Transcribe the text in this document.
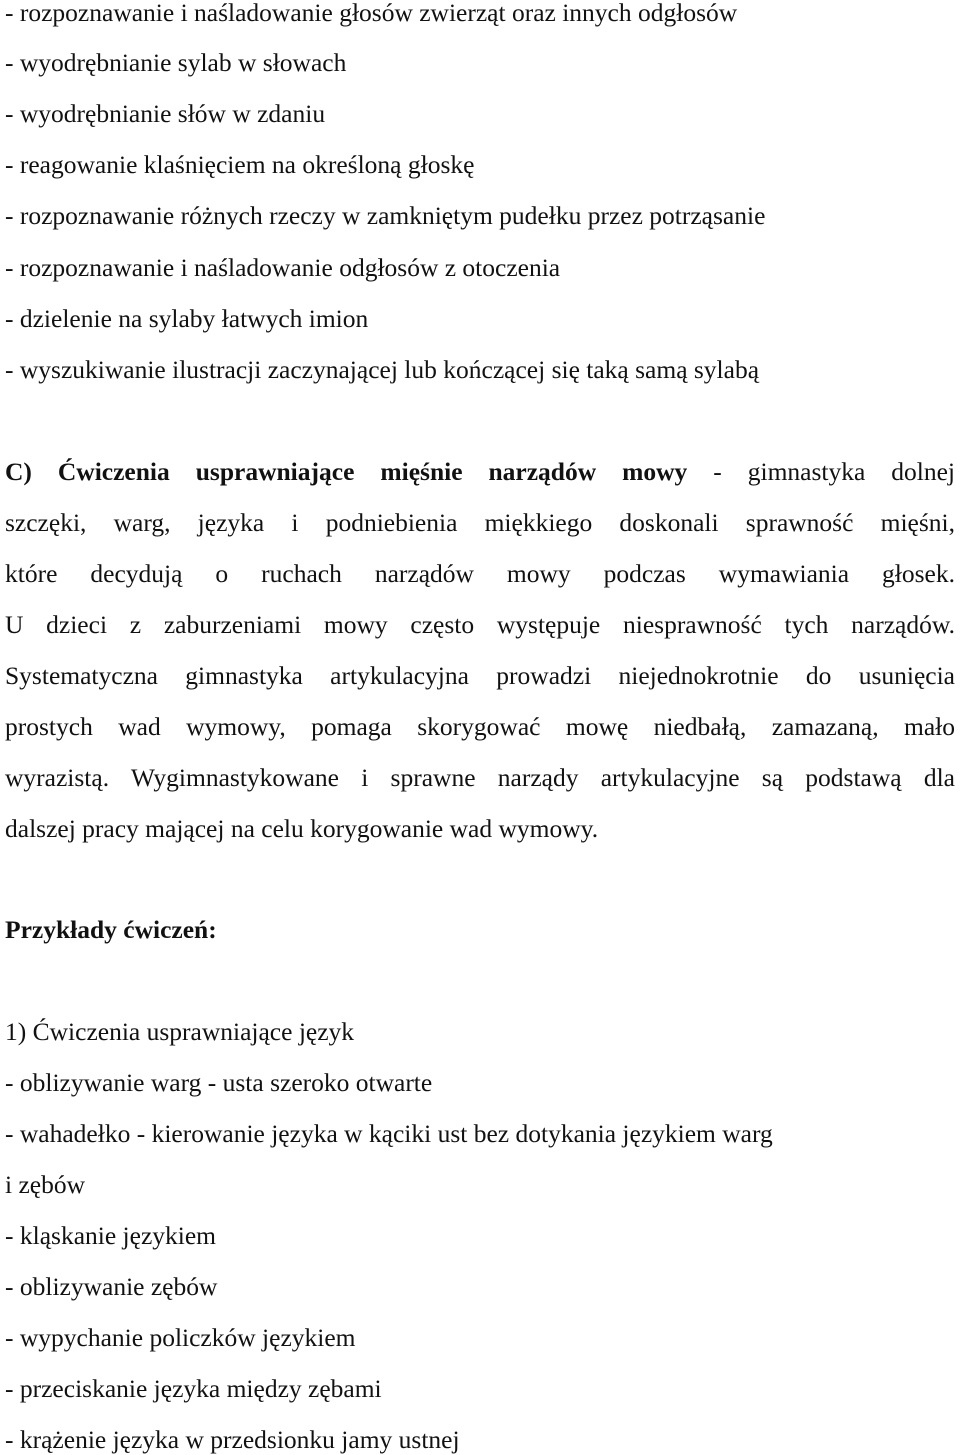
- rozpoznawanie i naśladowanie głosów zwierząt oraz innych odgłosów
- wyodrębnianie sylab w słowach
- wyodrębnianie słów w zdaniu
- reagowanie klaśnięciem na określoną głoskę
- rozpoznawanie różnych rzeczy w zamkniętym pudełku przez potrząsanie
- rozpoznawanie i naśladowanie odgłosów z otoczenia
- dzielenie na sylaby łatwych imion
- wyszukiwanie ilustracji zaczynającej lub kończącej się taką samą sylabą
C) Ćwiczenia usprawniające mięśnie narządów mowy - gimnastyka dolnej
szczęki, warg, języka i podniebienia miękkiego doskonali sprawność mięśni,
które decydują o ruchach narządów mowy podczas wymawiania głosek.
U dzieci z zaburzeniami mowy często występuje niesprawność tych narządów.
Systematyczna gimnastyka artykulacyjna prowadzi niejednokrotnie do usunięcia
prostych wad wymowy, pomaga skorygować mowę niedbałą, zamazaną, mało
wyrazistą. Wygimnastykowane i sprawne narządy artykulacyjne są podstawą dla
dalszej pracy mającej na celu korygowanie wad wymowy.
Przykłady ćwiczeń:
1) Ćwiczenia usprawniające język
- oblizywanie warg - usta szeroko otwarte
- wahadełko - kierowanie języka w kąciki ust bez dotykania językiem warg
i zębów
- kląskanie językiem
- oblizywanie zębów
- wypychanie policzków językiem
- przeciskanie języka między zębami
- krążenie języka w przedsionku jamy ustnej
